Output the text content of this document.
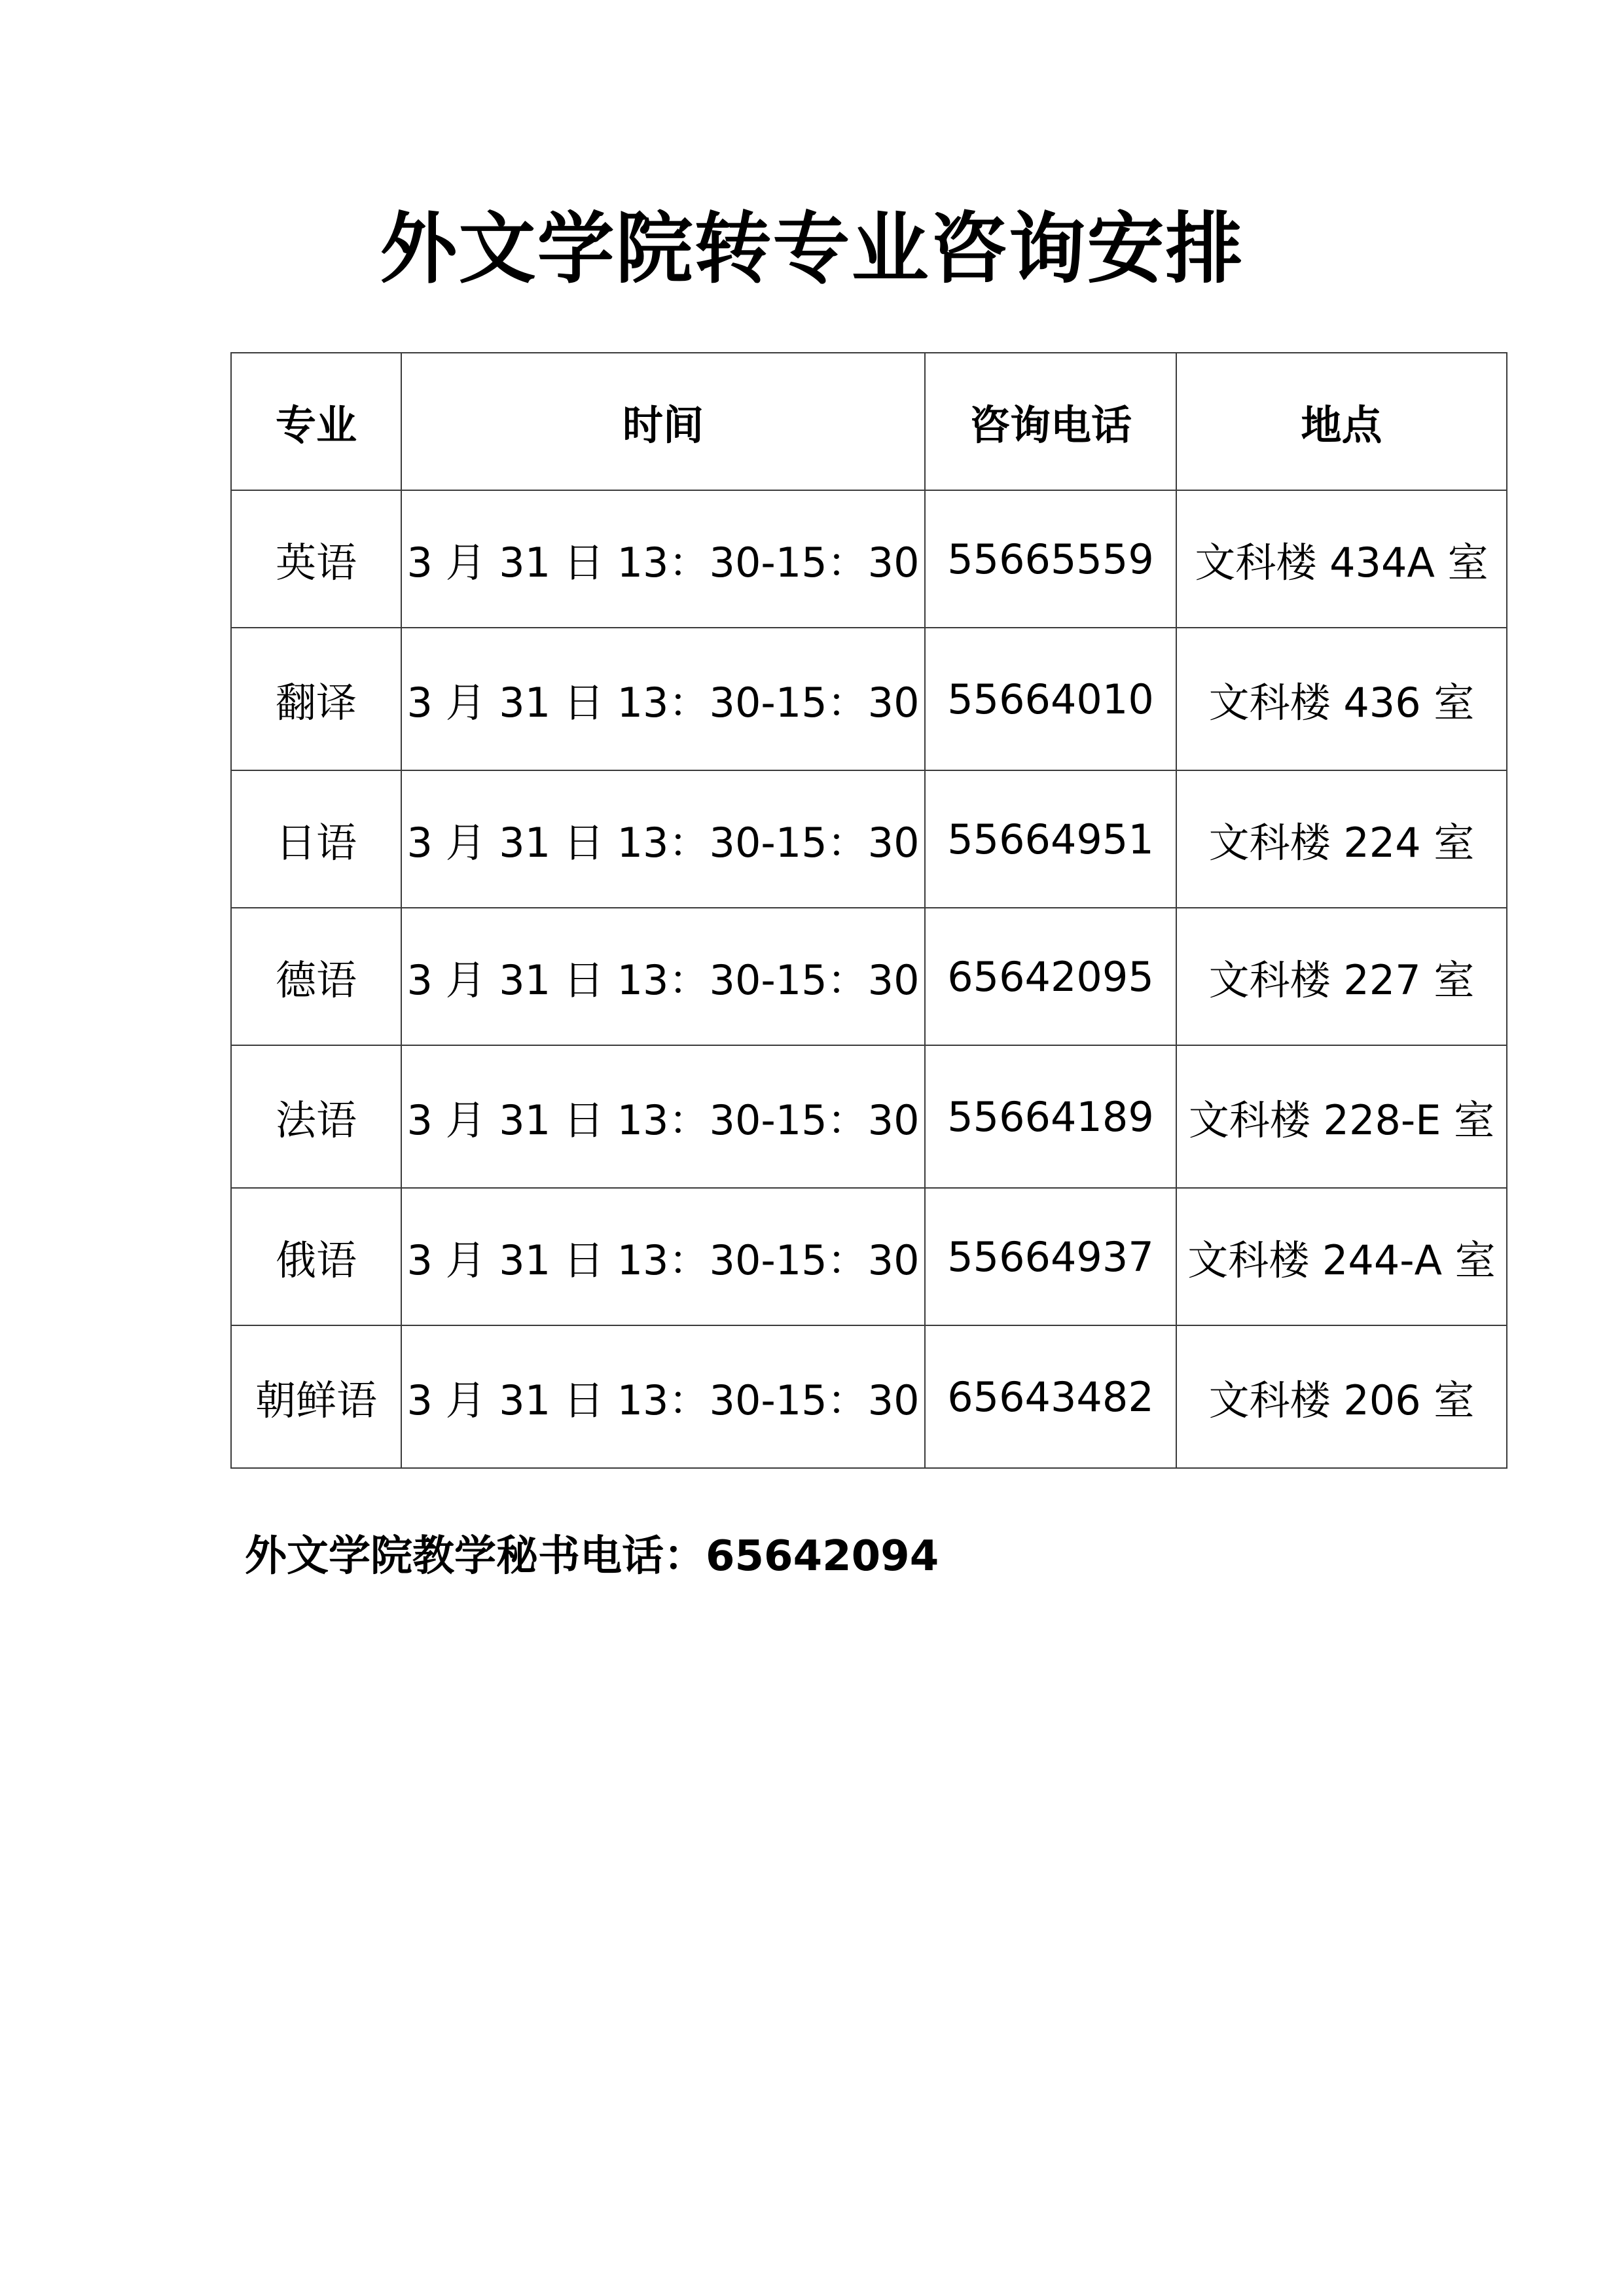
外文学院转专业咨询安排
专业	时间	咨询电话	地点
英语	3 月 31 日 13：30-15：30	55665559	文科楼 434A 室
翻译	3 月 31 日 13：30-15：30	55664010	文科楼 436 室
日语	3 月 31 日 13：30-15：30	55664951	文科楼 224 室
德语	3 月 31 日 13：30-15：30	65642095	文科楼 227 室
法语	3 月 31 日 13：30-15：30	55664189	文科楼 228-E 室
俄语	3 月 31 日 13：30-15：30	55664937	文科楼 244-A 室
朝鲜语	3 月 31 日 13：30-15：30	65643482	文科楼 206 室
外文学院教学秘书电话：65642094
